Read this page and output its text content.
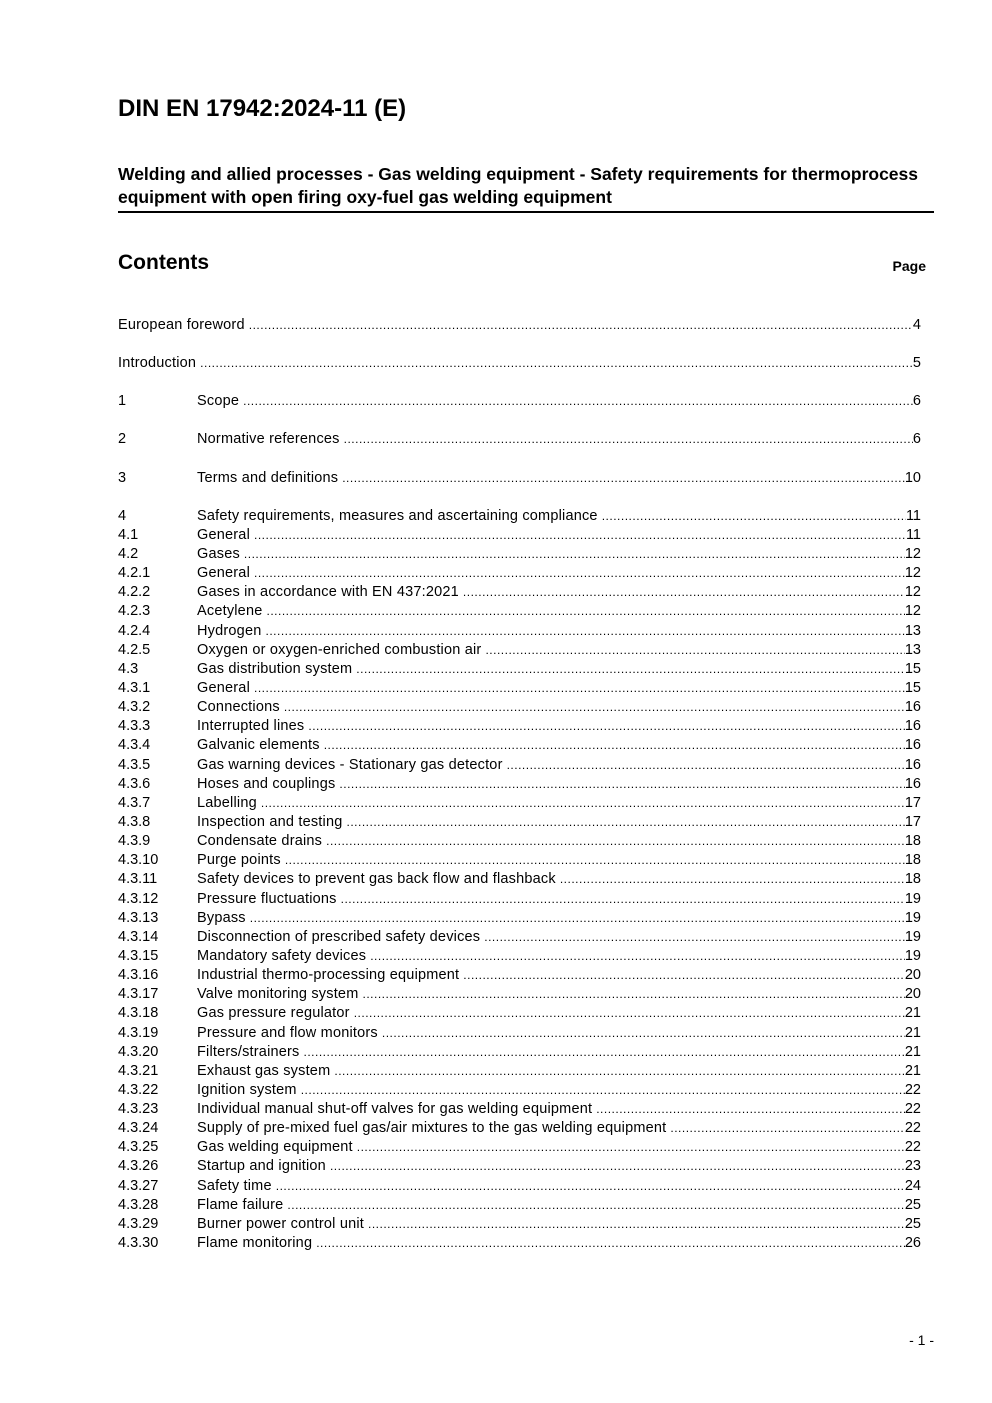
DIN EN 17942:2024-11 (E)
Welding and allied processes - Gas welding equipment - Safety requirements for thermoprocess equipment with open firing oxy-fuel gas welding equipment
Contents	Page
European foreword .....	4
Introduction .....	5
1	Scope .....	6
2	Normative references .....	6
3	Terms and definitions .....	10
4	Safety requirements, measures and ascertaining compliance .....	11
4.1	General .....	11
4.2	Gases .....	12
4.2.1	General .....	12
4.2.2	Gases in accordance with EN 437:2021 .....	12
4.2.3	Acetylene .....	12
4.2.4	Hydrogen .....	13
4.2.5	Oxygen or oxygen-enriched combustion air .....	13
4.3	Gas distribution system .....	15
4.3.1	General .....	15
4.3.2	Connections .....	16
4.3.3	Interrupted lines .....	16
4.3.4	Galvanic elements .....	16
4.3.5	Gas warning devices - Stationary gas detector .....	16
4.3.6	Hoses and couplings .....	16
4.3.7	Labelling .....	17
4.3.8	Inspection and testing .....	17
4.3.9	Condensate drains .....	18
4.3.10	Purge points .....	18
4.3.11	Safety devices to prevent gas back flow and flashback .....	18
4.3.12	Pressure fluctuations .....	19
4.3.13	Bypass .....	19
4.3.14	Disconnection of prescribed safety devices .....	19
4.3.15	Mandatory safety devices .....	19
4.3.16	Industrial thermo-processing equipment .....	20
4.3.17	Valve monitoring system .....	20
4.3.18	Gas pressure regulator .....	21
4.3.19	Pressure and flow monitors .....	21
4.3.20	Filters/strainers .....	21
4.3.21	Exhaust gas system .....	21
4.3.22	Ignition system .....	22
4.3.23	Individual manual shut-off valves for gas welding equipment .....	22
4.3.24	Supply of pre-mixed fuel gas/air mixtures to the gas welding equipment .....	22
4.3.25	Gas welding equipment .....	22
4.3.26	Startup and ignition .....	23
4.3.27	Safety time .....	24
4.3.28	Flame failure .....	25
4.3.29	Burner power control unit .....	25
4.3.30	Flame monitoring .....	26
- 1 -
